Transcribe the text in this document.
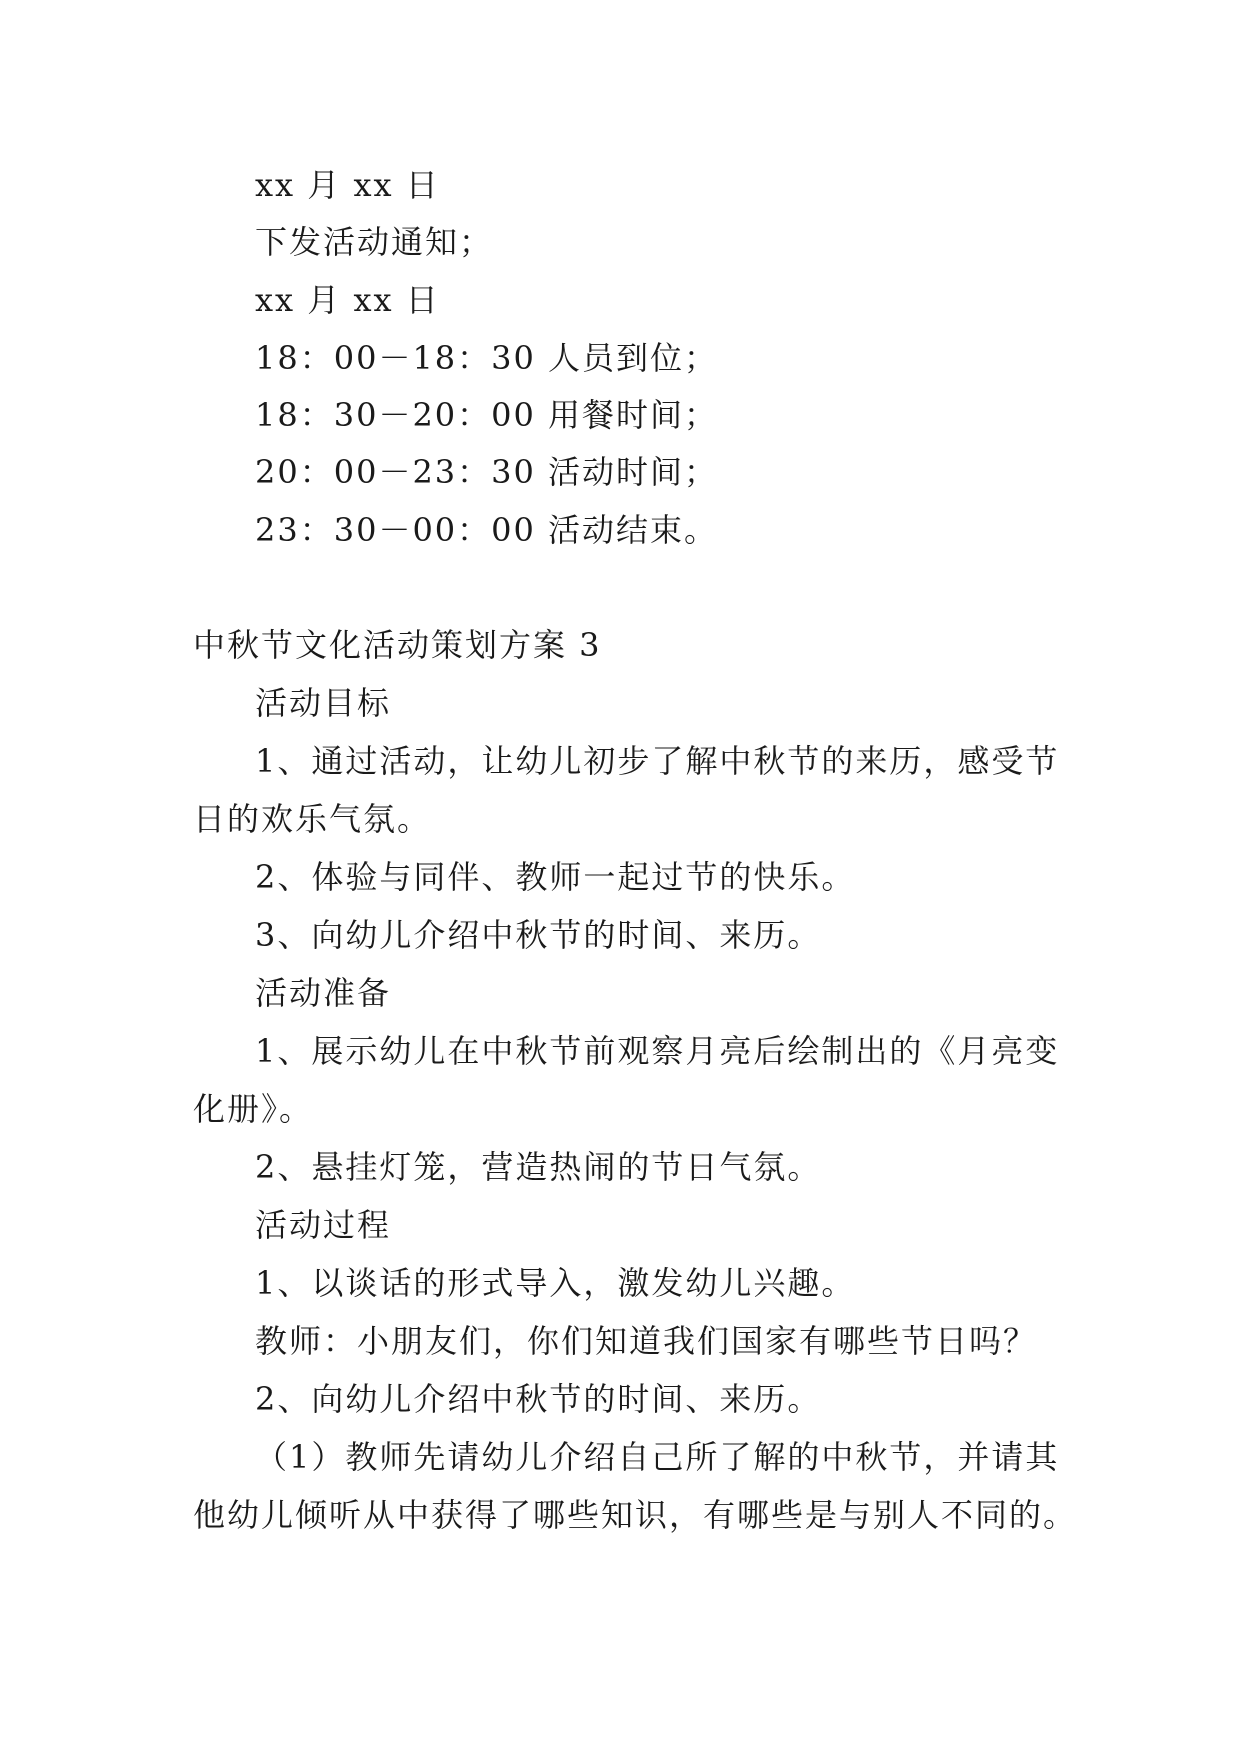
xx 月 xx 日
下发活动通知；
xx 月 xx 日
18：00－18：30 人员到位；
18：30－20：00 用餐时间；
20：00－23：30 活动时间；
23：30－00：00 活动结束。
中秋节文化活动策划方案 3
活动目标
1、通过活动，让幼儿初步了解中秋节的来历，感受节
日的欢乐气氛。
2、体验与同伴、教师一起过节的快乐。
3、向幼儿介绍中秋节的时间、来历。
活动准备
1、展示幼儿在中秋节前观察月亮后绘制出的《月亮变
化册》。
2、悬挂灯笼，营造热闹的节日气氛。
活动过程
1、以谈话的形式导入，激发幼儿兴趣。
教师：小朋友们，你们知道我们国家有哪些节日吗？
2、向幼儿介绍中秋节的时间、来历。
（1）教师先请幼儿介绍自己所了解的中秋节，并请其
他幼儿倾听从中获得了哪些知识，有哪些是与别人不同的。
